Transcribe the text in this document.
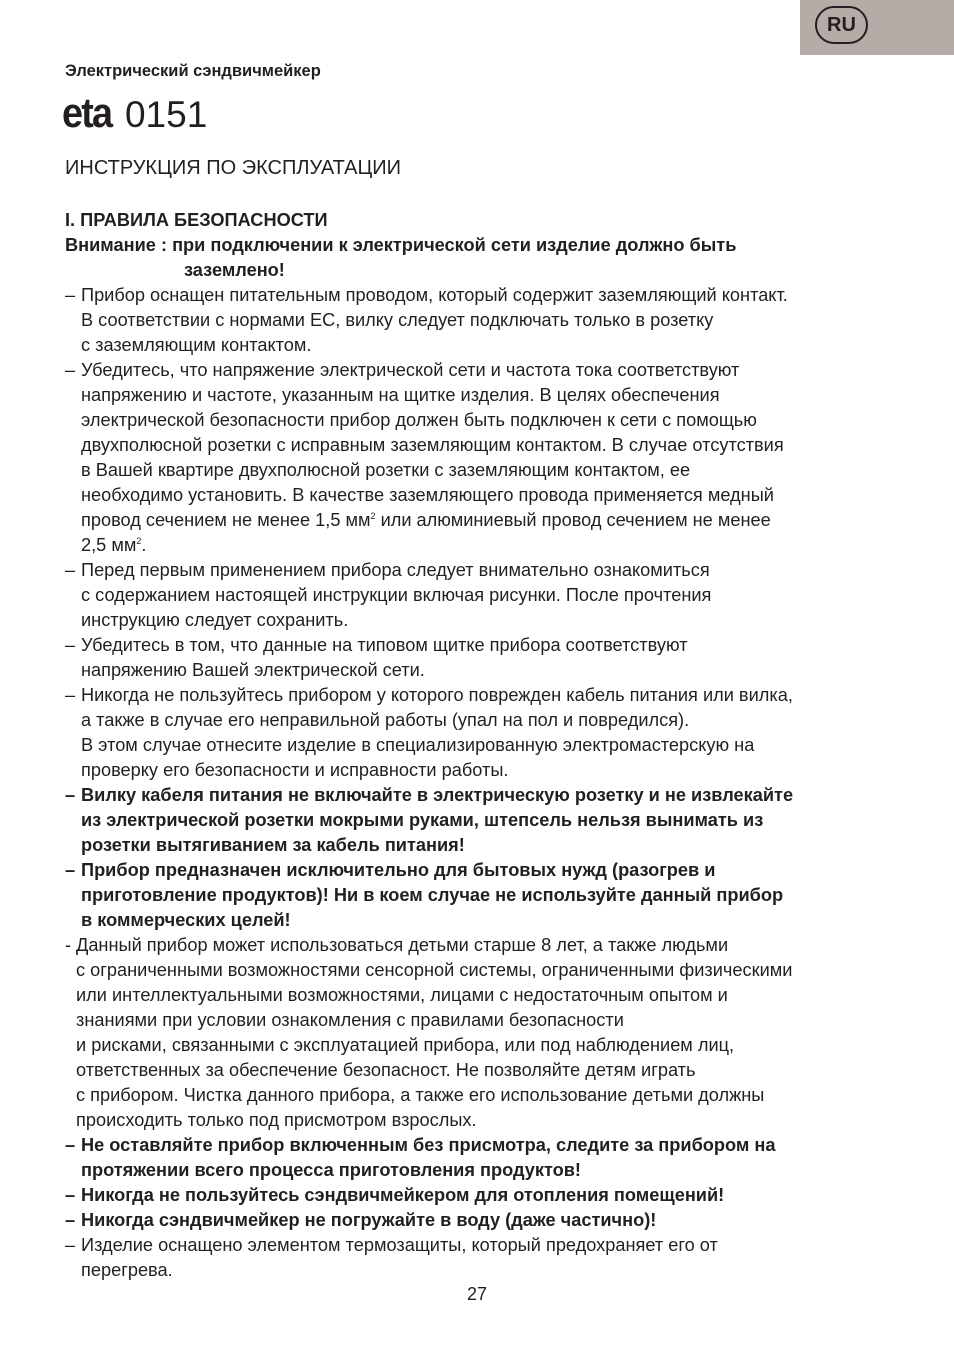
RU
Электрический сэндвичмейкер
eta 0151
ИНСТРУКЦИЯ ПО ЭКСПЛУАТАЦИИ
I. ПРАВИЛА БЕЗОПАСНОСТИ
Внимание : при подключении к электрической сети изделие должно быть
заземлено!
– Прибор оснащен питательным проводом, который содержит заземляющий контакт.
В соответствии с нормами ЕС, вилку следует подключать только в розетку
с заземляющим контактом.
– Убедитесь, что напряжение электрической сети и частота тока соответствуют
напряжению и частоте, указанным на щитке изделия. В целях обеспечения
электрической безопасности прибор должен быть подключен к сети с помощью
двухполюсной розетки с исправным заземляющим контактом. В случае отсутствия
в Вашей квартире двухполюсной розетки с заземляющим контактом, ее
необходимо установить. В качестве заземляющего провода применяется медный
провод сечением не менее 1,5 $мм^2$ или алюминиевый провод сечением не менее
2,5 $мм^2$.
– Перед первым применением прибора следует внимательно ознакомиться
с содержанием настоящей инструкции включая рисунки. После прочтения
инструкцию следует сохранить.
– Убедитесь в том, что данные на типовом щитке прибора соответствуют
напряжению Вашей электрической сети.
– Никогда не пользуйтесь прибором у которого поврежден кабель питания или вилка,
а также в случае его неправильной работы (упал на пол и повредился).
В этом случае отнесите изделие в специализированную электромастерскую на
проверку его безопасности и исправности работы.
– Вилку кабеля питания не включайте в электрическую розетку и не извлекайте
из электрической розетки мокрыми руками, штепсель нельзя вынимать из
розетки вытягиванием за кабель питания!
– Прибор предназначен исключительно для бытовых нужд (разогрев и
приготовление продуктов)! Ни в коем случае не используйте данный прибор
в коммерческих целей!
- Данный прибор может использоваться детьми старше 8 лет, а также людьми
с ограниченными возможностями сенсорной системы, ограниченными физическими
или интеллектуальными возможностями, лицами с недостаточным опытом и
знаниями при условии ознакомления с правилами безопасности
и рисками, связанными с эксплуатацией прибора, или под наблюдением лиц,
ответственных за обеспечение безопасност. Не позволяйте детям играть
с прибором. Чистка данного прибора, а также его использование детьми должны
происходить только под присмотром взрослых.
– Не оставляйте прибор включенным без присмотра, следите за прибором на
протяжении всего процесса приготовления продуктов!
– Никогда не пользуйтесь сэндвичмейкером для отопления помещений!
– Никогда сэндвичмейкер не погружайте в воду (даже частично)!
– Изделие оснащено элементом термозащиты, который предохраняет его от
перегрева.
27
